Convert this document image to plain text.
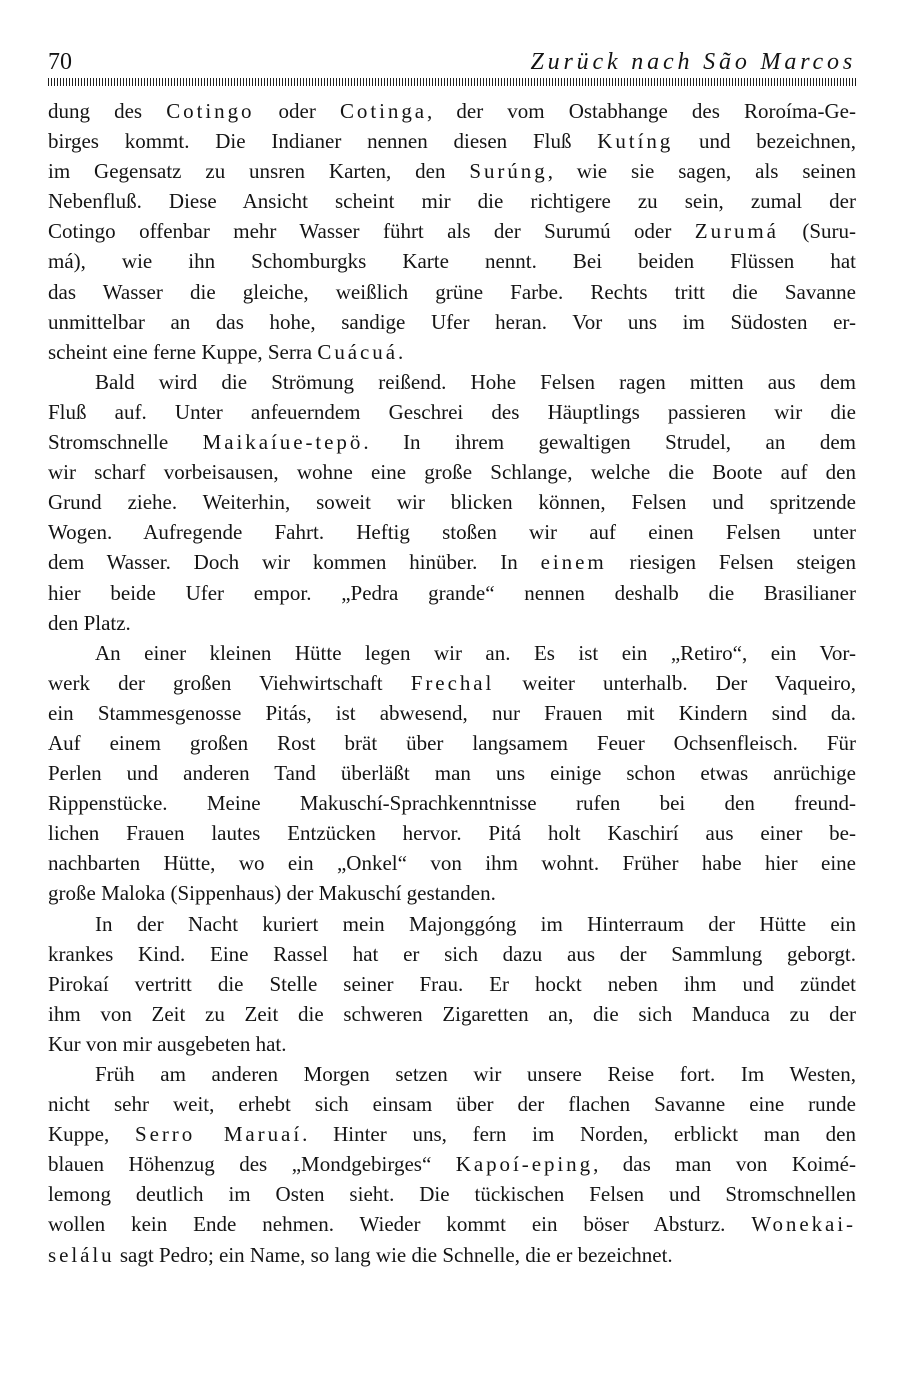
70	Zurück nach São Marcos

dung des Cotingo oder Cotinga, der vom Ostabhange des Roroíma-Ge-
birges kommt. Die Indianer nennen diesen Fluß Kutíng und bezeichnen,
im Gegensatz zu unsren Karten, den Surúng, wie sie sagen, als seinen
Nebenfluß. Diese Ansicht scheint mir die richtigere zu sein, zumal der
Cotingo offenbar mehr Wasser führt als der Surumú oder Zurumá (Suru-
má), wie ihn Schomburgks Karte nennt. Bei beiden Flüssen hat
das Wasser die gleiche, weißlich grüne Farbe. Rechts tritt die Savanne
unmittelbar an das hohe, sandige Ufer heran. Vor uns im Südosten er-
scheint eine ferne Kuppe, Serra Cuácuá.

Bald wird die Strömung reißend. Hohe Felsen ragen mitten aus dem
Fluß auf. Unter anfeuerndem Geschrei des Häuptlings passieren wir die
Stromschnelle Maikaíue-tepö. In ihrem gewaltigen Strudel, an dem
wir scharf vorbeisausen, wohne eine große Schlange, welche die Boote auf den
Grund ziehe. Weiterhin, soweit wir blicken können, Felsen und spritzende
Wogen. Aufregende Fahrt. Heftig stoßen wir auf einen Felsen unter
dem Wasser. Doch wir kommen hinüber. In einem riesigen Felsen steigen
hier beide Ufer empor. „Pedra grande“ nennen deshalb die Brasilianer
den Platz.

An einer kleinen Hütte legen wir an. Es ist ein „Retiro“, ein Vor-
werk der großen Viehwirtschaft Frechal weiter unterhalb. Der Vaqueiro,
ein Stammesgenosse Pitás, ist abwesend, nur Frauen mit Kindern sind da.
Auf einem großen Rost brät über langsamem Feuer Ochsenfleisch. Für
Perlen und anderen Tand überläßt man uns einige schon etwas anrüchige
Rippenstücke. Meine Makuschí-Sprachkenntnisse rufen bei den freund-
lichen Frauen lautes Entzücken hervor. Pitá holt Kaschirí aus einer be-
nachbarten Hütte, wo ein „Onkel“ von ihm wohnt. Früher habe hier eine
große Maloka (Sippenhaus) der Makuschí gestanden.

In der Nacht kuriert mein Majonggóng im Hinterraum der Hütte ein
krankes Kind. Eine Rassel hat er sich dazu aus der Sammlung geborgt.
Pirokaí vertritt die Stelle seiner Frau. Er hockt neben ihm und zündet
ihm von Zeit zu Zeit die schweren Zigaretten an, die sich Manduca zu der
Kur von mir ausgebeten hat.

Früh am anderen Morgen setzen wir unsere Reise fort. Im Westen,
nicht sehr weit, erhebt sich einsam über der flachen Savanne eine runde
Kuppe, Serro Maruaí. Hinter uns, fern im Norden, erblickt man den
blauen Höhenzug des „Mondgebirges“ Kapoí-eping, das man von Koimé-
lemong deutlich im Osten sieht. Die tückischen Felsen und Stromschnellen
wollen kein Ende nehmen. Wieder kommt ein böser Absturz. Wonekai-
selálu sagt Pedro; ein Name, so lang wie die Schnelle, die er bezeichnet.
